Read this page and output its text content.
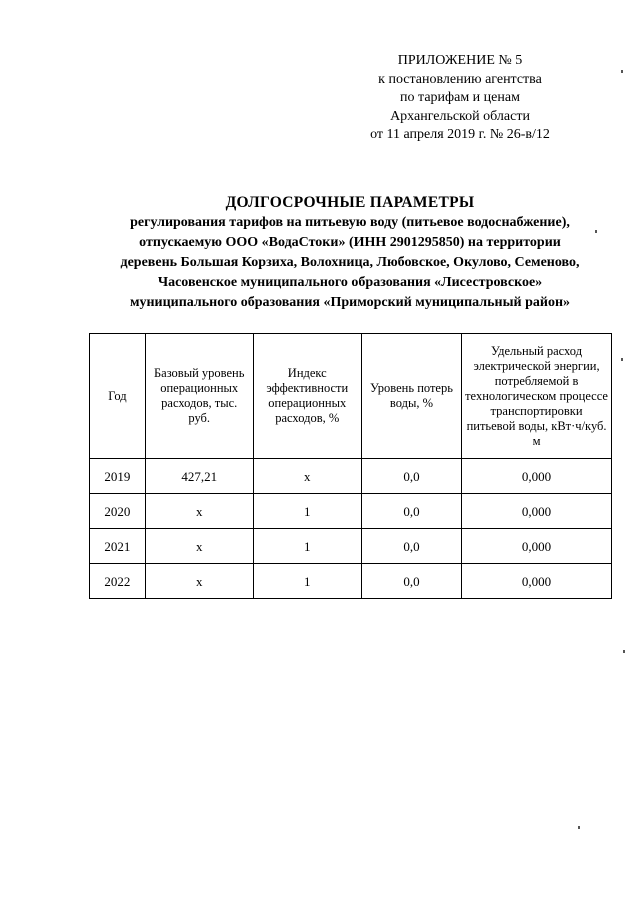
ПРИЛОЖЕНИЕ № 5
к постановлению агентства
по тарифам и ценам
Архангельской области
от 11 апреля 2019 г. № 26-в/12
ДОЛГОСРОЧНЫЕ ПАРАМЕТРЫ
регулирования тарифов на питьевую воду (питьевое водоснабжение),
отпускаемую ООО «ВодаСтоки» (ИНН 2901295850) на территории
деревень Большая Корзиха, Волохница, Любовское, Окулово, Семеново,
Часовенское муниципального образования «Лисестровское»
муниципального образования «Приморский муниципальный район»
Год	Базовый уровень операционных расходов, тыс. руб.	Индекс эффективности операционных расходов, %	Уровень потерь воды, %	Удельный расход электрической энергии, потребляемой в технологическом процессе транспортировки питьевой воды, кВт·ч/куб. м
2019	427,21	x	0,0	0,000
2020	x	1	0,0	0,000
2021	x	1	0,0	0,000
2022	x	1	0,0	0,000
